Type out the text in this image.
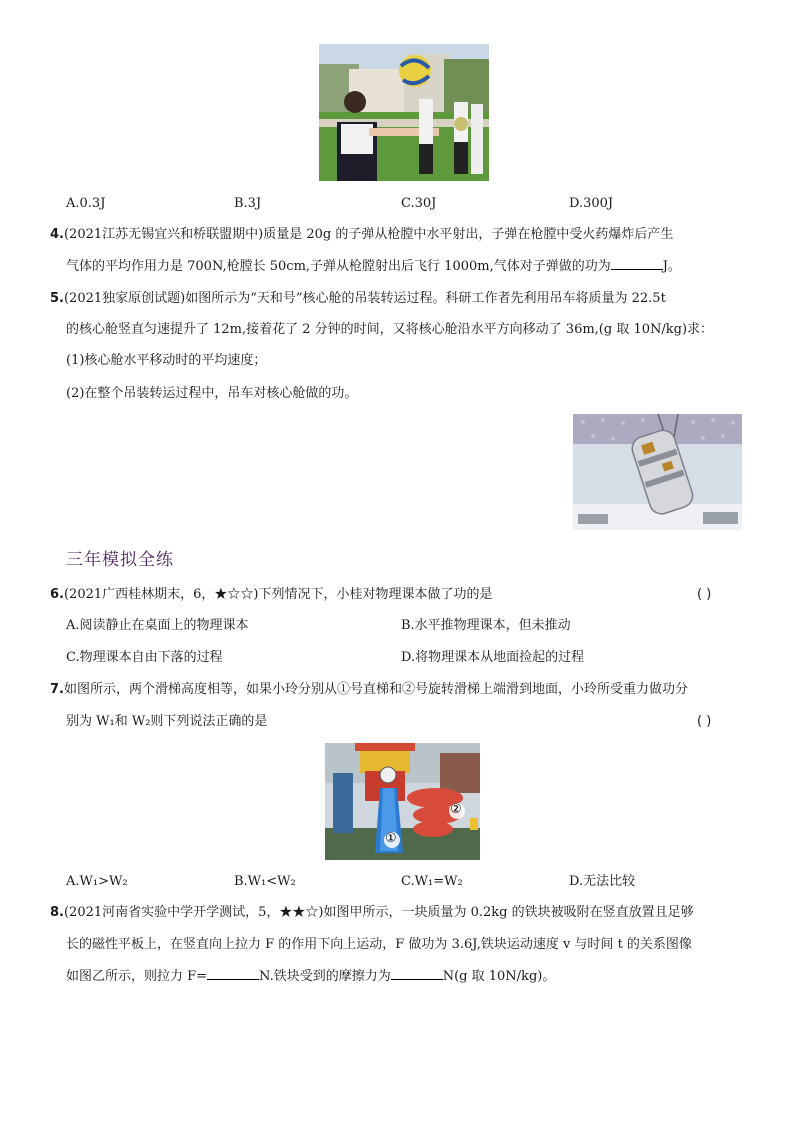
A.0.3J	B.3J	C.30J	D.300J
4.(2021江苏无锡宜兴和桥联盟期中)质量是 20g 的子弹从枪膛中水平射出，子弹在枪膛中受火药爆炸后产生
气体的平均作用力是 700N,枪膛长 50cm,子弹从枪膛射出后飞行 1000m,气体对子弹做的功为	J。
5.(2021独家原创试题)如图所示为“天和号”核心舱的吊装转运过程。科研工作者先利用吊车将质量为 22.5t
的核心舱竖直匀速提升了 12m,接着花了 2 分钟的时间，又将核心舱沿水平方向移动了 36m,(g 取 10N/kg)求：
(1)核心舱水平移动时的平均速度；
(2)在整个吊装转运过程中，吊车对核心舱做的功。
三年模拟全练
6.(2021广西桂林期末，6，★☆☆)下列情况下，小桂对物理课本做了功的是	( )
A.阅读静止在桌面上的物理课本	B.水平推物理课本，但未推动
C.物理课本自由下落的过程	D.将物理课本从地面捡起的过程
7.如图所示，两个滑梯高度相等，如果小玲分别从①号直梯和②号旋转滑梯上端滑到地面，小玲所受重力做功分
别为 W₁和 W₂则下列说法正确的是	( )
①
②
A.W₁>W₂	B.W₁<W₂	C.W₁=W₂	D.无法比较
8.(2021河南省实验中学开学测试，5，★★☆)如图甲所示，一块质量为 0.2kg 的铁块被吸附在竖直放置且足够
长的磁性平板上，在竖直向上拉力 F 的作用下向上运动，F 做功为 3.6J,铁块运动速度 v 与时间 t 的关系图像
如图乙所示，则拉力 F=	N.铁块受到的摩擦力为	N(g 取 10N/kg)。
